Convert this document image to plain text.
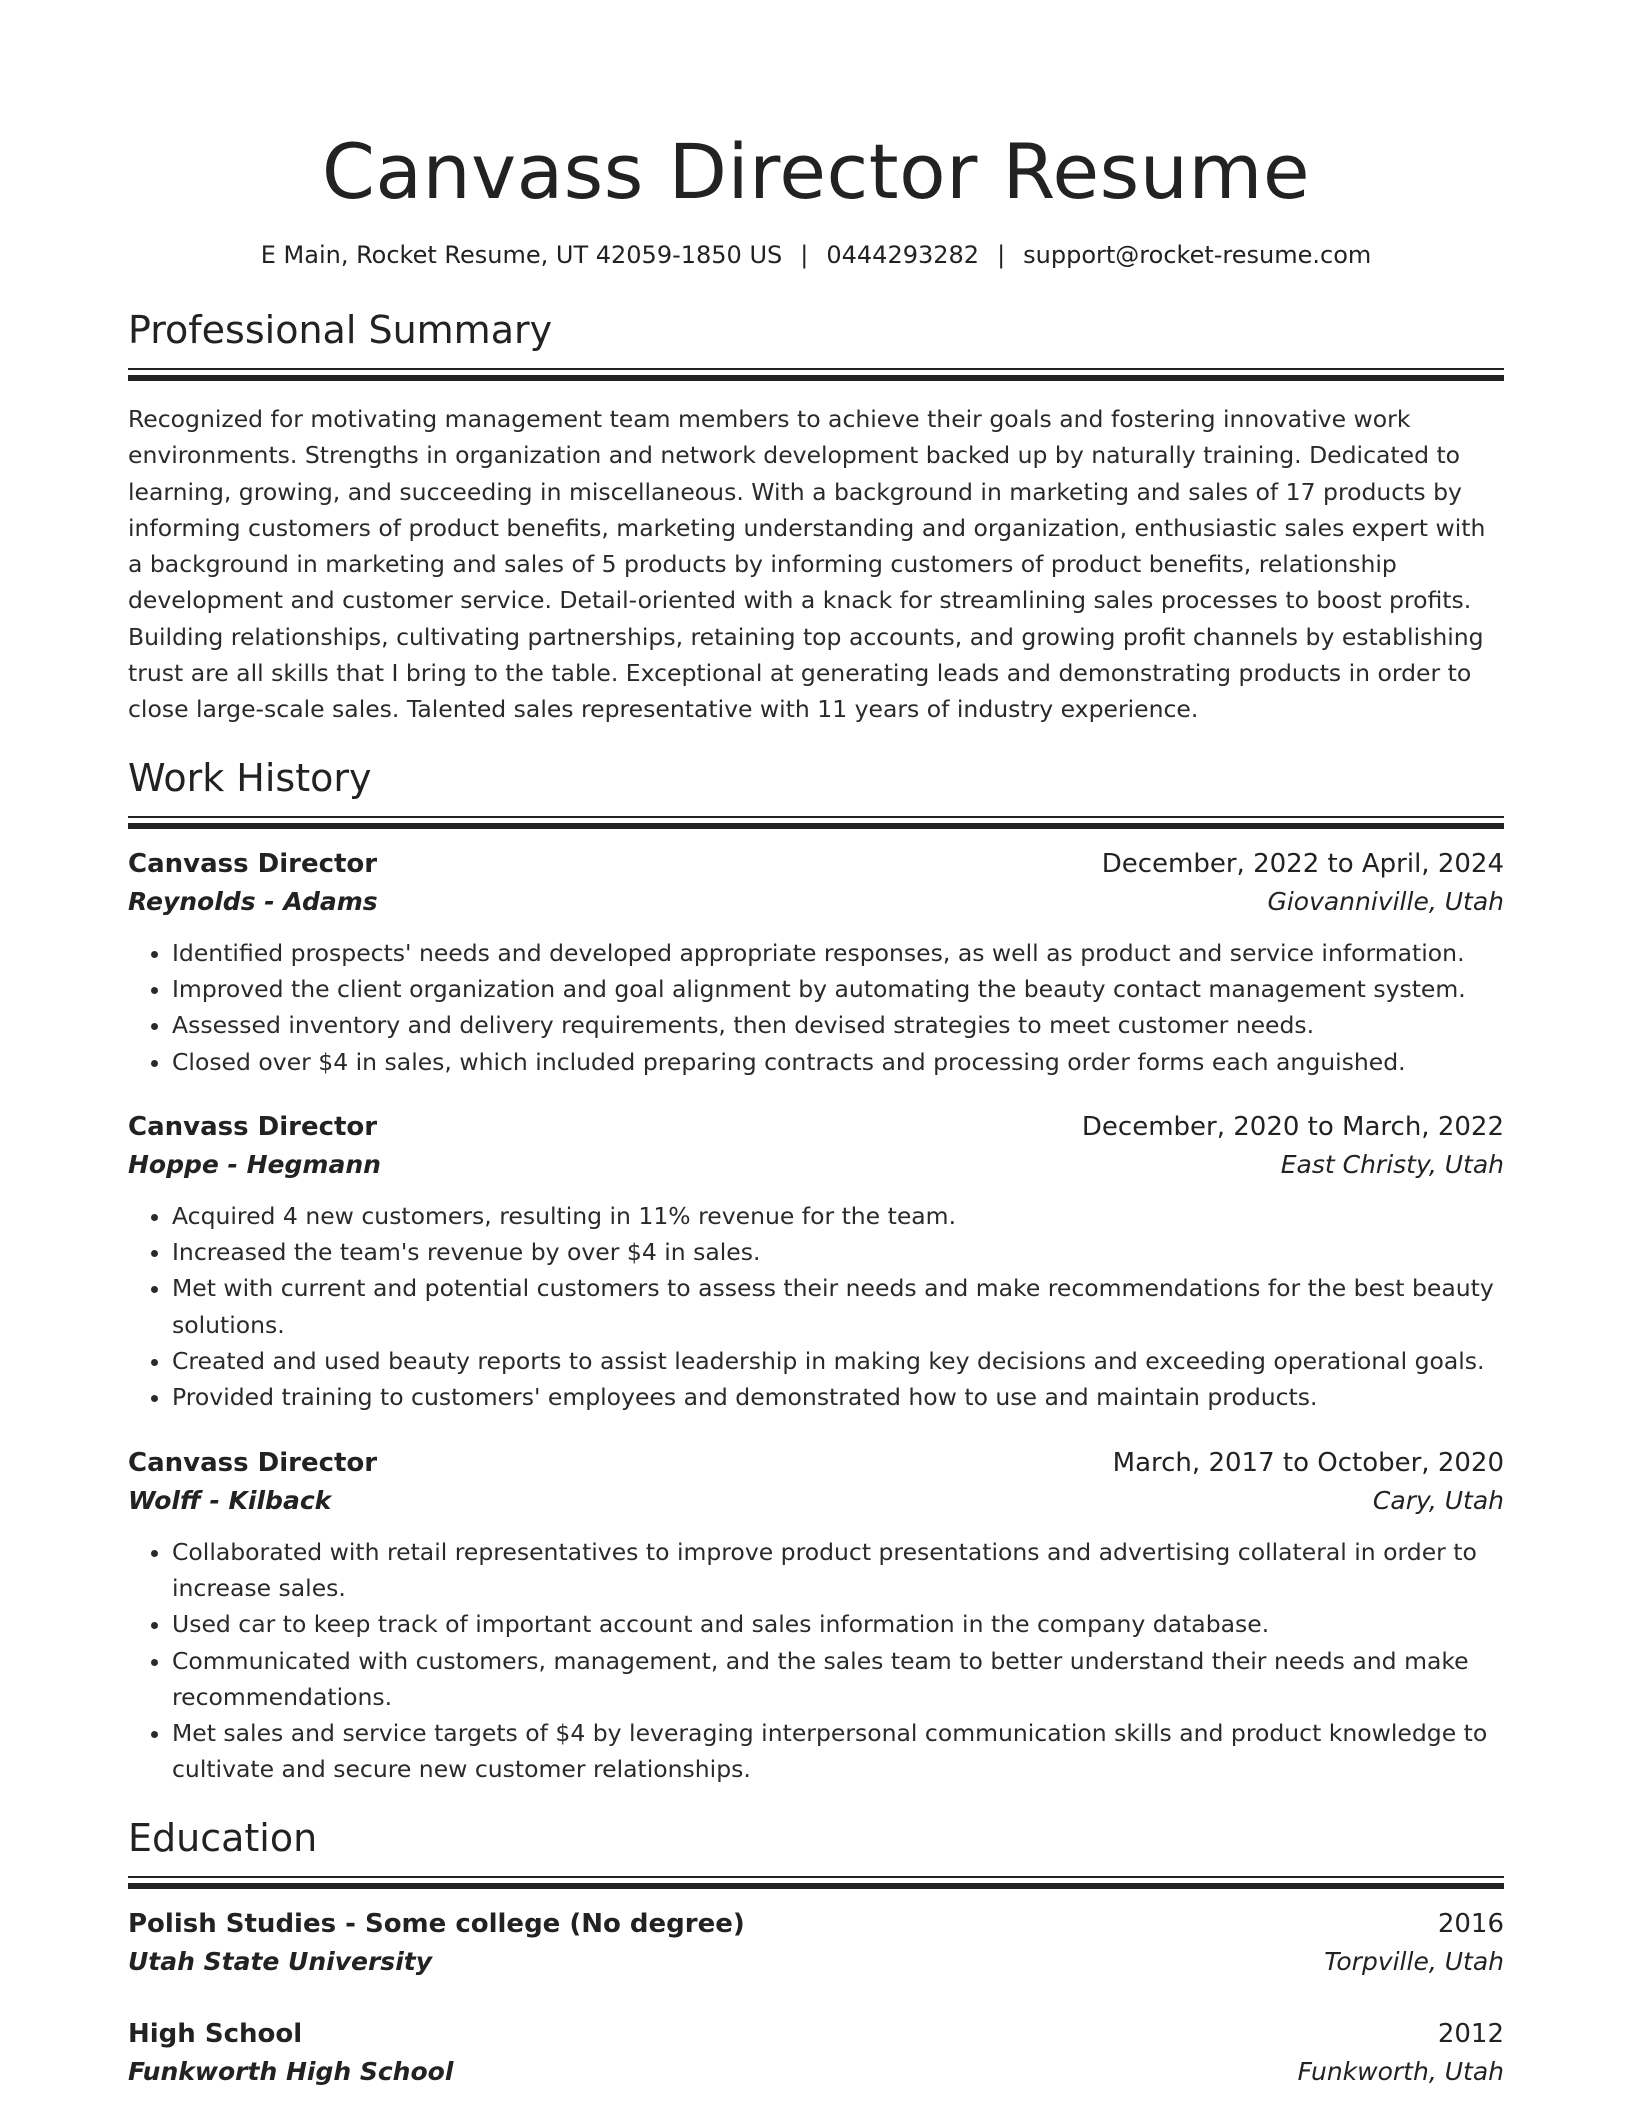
Canvass Director Resume
E Main, Rocket Resume, UT 42059-1850 US | 0444293282 | support@rocket-resume.com
Professional Summary
Recognized for motivating management team members to achieve their goals and fostering innovative work environments. Strengths in organization and network development backed up by naturally training. Dedicated to learning, growing, and succeeding in miscellaneous. With a background in marketing and sales of 17 products by informing customers of product benefits, marketing understanding and organization, enthusiastic sales expert with a background in marketing and sales of 5 products by informing customers of product benefits, relationship development and customer service. Detail-oriented with a knack for streamlining sales processes to boost profits. Building relationships, cultivating partnerships, retaining top accounts, and growing profit channels by establishing trust are all skills that I bring to the table. Exceptional at generating leads and demonstrating products in order to close large-scale sales. Talented sales representative with 11 years of industry experience.
Work History
Canvass Director	December, 2022 to April, 2024
Reynolds - Adams	Giovanniville, Utah
• Identified prospects' needs and developed appropriate responses, as well as product and service information.
• Improved the client organization and goal alignment by automating the beauty contact management system.
• Assessed inventory and delivery requirements, then devised strategies to meet customer needs.
• Closed over $4 in sales, which included preparing contracts and processing order forms each anguished.
Canvass Director	December, 2020 to March, 2022
Hoppe - Hegmann	East Christy, Utah
• Acquired 4 new customers, resulting in 11% revenue for the team.
• Increased the team's revenue by over $4 in sales.
• Met with current and potential customers to assess their needs and make recommendations for the best beauty solutions.
• Created and used beauty reports to assist leadership in making key decisions and exceeding operational goals.
• Provided training to customers' employees and demonstrated how to use and maintain products.
Canvass Director	March, 2017 to October, 2020
Wolff - Kilback	Cary, Utah
• Collaborated with retail representatives to improve product presentations and advertising collateral in order to increase sales.
• Used car to keep track of important account and sales information in the company database.
• Communicated with customers, management, and the sales team to better understand their needs and make recommendations.
• Met sales and service targets of $4 by leveraging interpersonal communication skills and product knowledge to cultivate and secure new customer relationships.
Education
Polish Studies - Some college (No degree)	2016
Utah State University	Torpville, Utah
High School	2012
Funkworth High School	Funkworth, Utah
